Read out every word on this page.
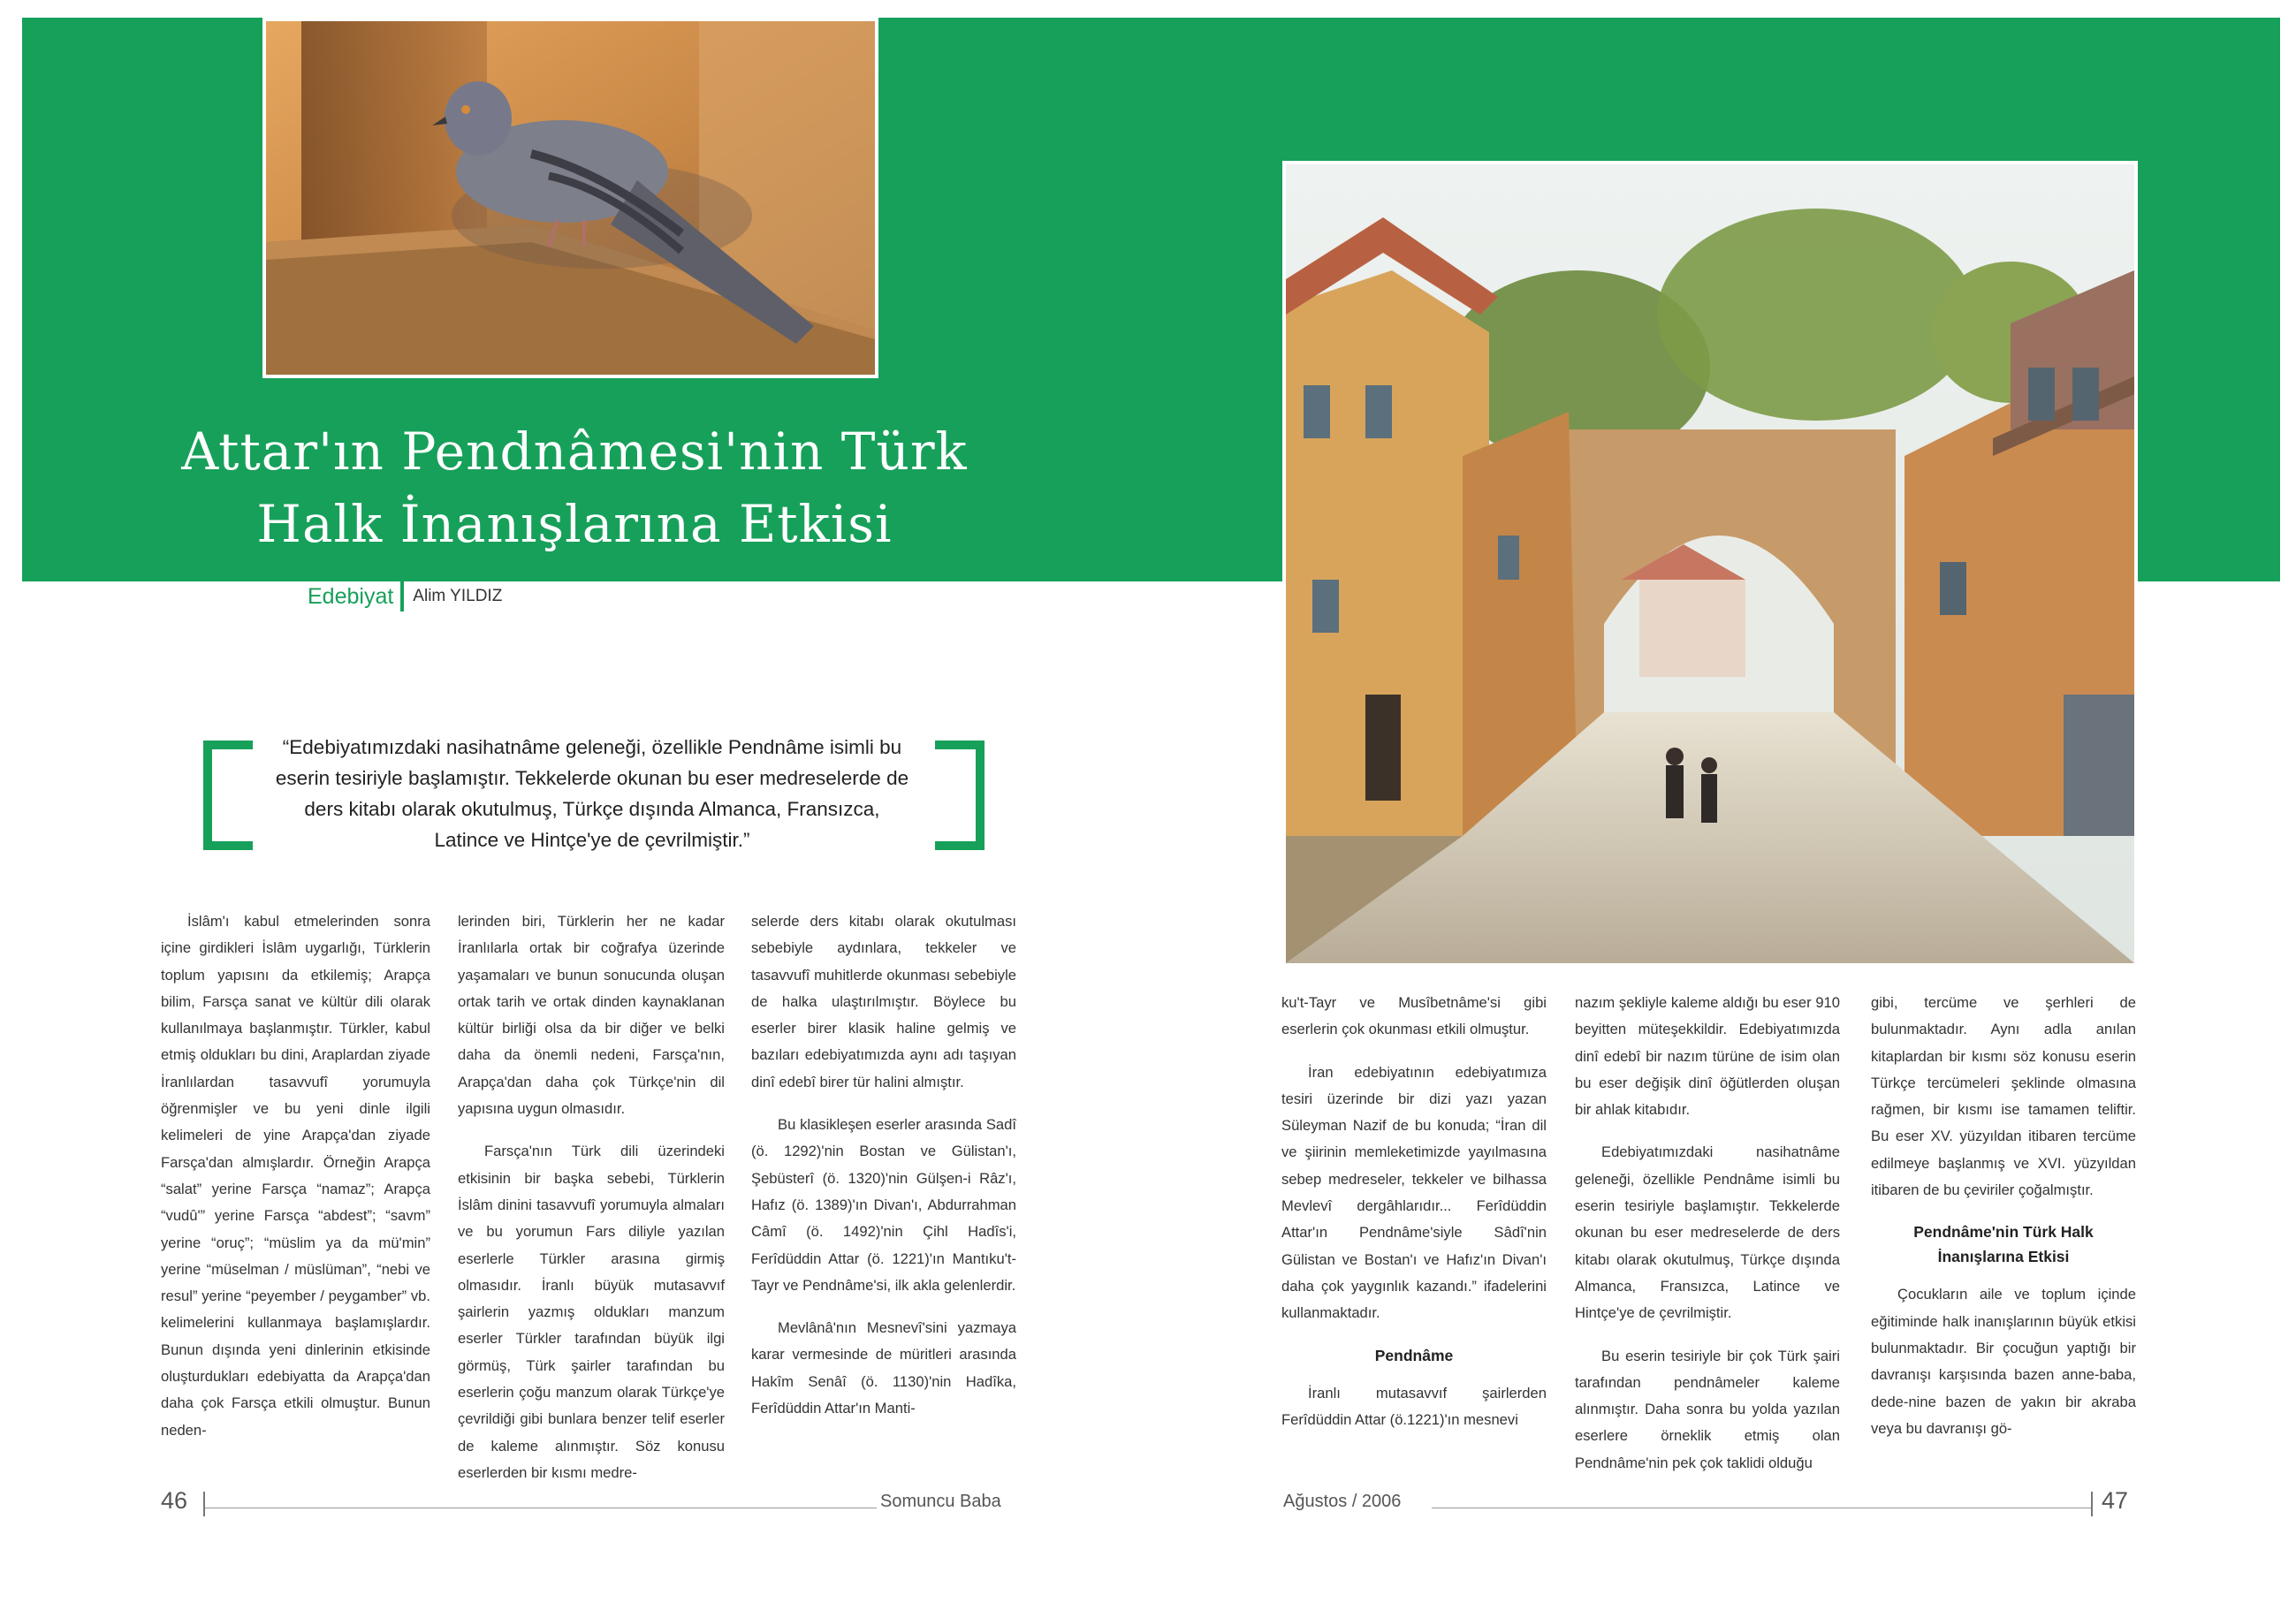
Attar'ın Pendnâmesi'nin Türk
Halk İnanışlarına Etkisi
Edebiyat	Alim YILDIZ
“Edebiyatımızdaki nasihatnâme geleneği, özellikle Pendnâme isimli bu eserin tesiriyle başlamıştır. Tekkelerde okunan bu eser medreselerde de ders kitabı olarak okutulmuş, Türkçe dışında Almanca, Fransızca, Latince ve Hintçe'ye de çevrilmiştir.”

İslâm'ı kabul etmelerinden sonra içine girdikleri İslâm uygarlığı, Türklerin toplum yapısını da etkilemiş; Arapça bilim, Farsça sanat ve kültür dili olarak kullanılmaya başlanmıştır. Türkler, kabul etmiş oldukları bu dini, Araplardan ziyade İranlılardan tasavvufî yorumuyla öğrenmişler ve bu yeni dinle ilgili kelimeleri de yine Arapça'dan ziyade Farsça'dan almışlardır. Örneğin Arapça “salat” yerine Farsça “namaz”; Arapça “vudû'” yerine Farsça “abdest”; “savm” yerine “oruç”; “müslim ya da mü'min” yerine “müselman / müslüman”, “nebi ve resul” yerine “peyember / peygamber” vb. kelimelerini kullanmaya başlamışlardır. Bunun dışında yeni dinlerinin etkisinde oluşturdukları edebiyatta da Arapça'dan daha çok Farsça etkili olmuştur. Bunun neden-

lerinden biri, Türklerin her ne kadar İranlılarla ortak bir coğrafya üzerinde yaşamaları ve bunun sonucunda oluşan ortak tarih ve ortak dinden kaynaklanan kültür birliği olsa da bir diğer ve belki daha da önemli nedeni, Farsça'nın, Arapça'dan daha çok Türkçe'nin dil yapısına uygun olmasıdır.

Farsça'nın Türk dili üzerindeki etkisinin bir başka sebebi, Türklerin İslâm dinini tasavvufî yorumuyla almaları ve bu yorumun Fars diliyle yazılan eserlerle Türkler arasına girmiş olmasıdır. İranlı büyük mutasavvıf şairlerin yazmış oldukları manzum eserler Türkler tarafından büyük ilgi görmüş, Türk şairler tarafından bu eserlerin çoğu manzum olarak Türkçe'ye çevrildiği gibi bunlara benzer telif eserler de kaleme alınmıştır. Söz konusu eserlerden bir kısmı medre-

selerde ders kitabı olarak okutulması sebebiyle aydınlara, tekkeler ve tasavvufî muhitlerde okunması sebebiyle de halka ulaştırılmıştır. Böylece bu eserler birer klasik haline gelmiş ve bazıları edebiyatımızda aynı adı taşıyan dinî edebî birer tür halini almıştır.

Bu klasikleşen eserler arasında Sadî (ö. 1292)'nin Bostan ve Gülistan'ı, Şebüsterî (ö. 1320)'nin Gülşen-i Râz'ı, Hafız (ö. 1389)'ın Divan'ı, Abdurrahman Câmî (ö. 1492)'nin Çihl Hadîs'i, Ferîdüddin Attar (ö. 1221)'ın Mantıku't-Tayr ve Pendnâme'si, ilk akla gelenlerdir.

Mevlânâ'nın Mesnevî'sini yazmaya karar vermesinde de müritleri arasında Hakîm Senâî (ö. 1130)'nin Hadîka, Ferîdüddin Attar'ın Manti-

ku't-Tayr ve Musîbetnâme'si gibi eserlerin çok okunması etkili olmuştur.

İran edebiyatının edebiyatımıza tesiri üzerinde bir dizi yazı yazan Süleyman Nazif de bu konuda; “İran dil ve şiirinin memleketimizde yayılmasına sebep medreseler, tekkeler ve bilhassa Mevlevî dergâhlarıdır... Ferîdüddin Attar'ın Pendnâme'siyle Sâdî'nin Gülistan ve Bostan'ı ve Hafız'ın Divan'ı daha çok yaygınlık kazandı.” ifadelerini kullanmaktadır.

Pendnâme

İranlı mutasavvıf şairlerden Ferîdüddin Attar (ö.1221)'ın mesnevi

nazım şekliyle kaleme aldığı bu eser 910 beyitten müteşekkildir. Edebiyatımızda dinî edebî bir nazım türüne de isim olan bu eser değişik dinî öğütlerden oluşan bir ahlak kitabıdır.

Edebiyatımızdaki nasihatnâme geleneği, özellikle Pendnâme isimli bu eserin tesiriyle başlamıştır. Tekkelerde okunan bu eser medreselerde de ders kitabı olarak okutulmuş, Türkçe dışında Almanca, Fransızca, Latince ve Hintçe'ye de çevrilmiştir.

Bu eserin tesiriyle bir çok Türk şairi tarafından pendnâmeler kaleme alınmıştır. Daha sonra bu yolda yazılan eserlere örneklik etmiş olan Pendnâme'nin pek çok taklidi olduğu

gibi, tercüme ve şerhleri de bulunmaktadır. Aynı adla anılan kitaplardan bir kısmı söz konusu eserin Türkçe tercümeleri şeklinde olmasına rağmen, bir kısmı ise tamamen teliftir. Bu eser XV. yüzyıldan itibaren tercüme edilmeye başlanmış ve XVI. yüzyıldan itibaren de bu çeviriler çoğalmıştır.

Pendnâme'nin Türk Halk
İnanışlarına Etkisi

Çocukların aile ve toplum içinde eğitiminde halk inanışlarının büyük etkisi bulunmaktadır. Bir çocuğun yaptığı bir davranışı karşısında bazen anne-baba, dede-nine bazen de yakın bir akraba veya bu davranışı gö-

46	Somuncu Baba	Ağustos / 2006	47
